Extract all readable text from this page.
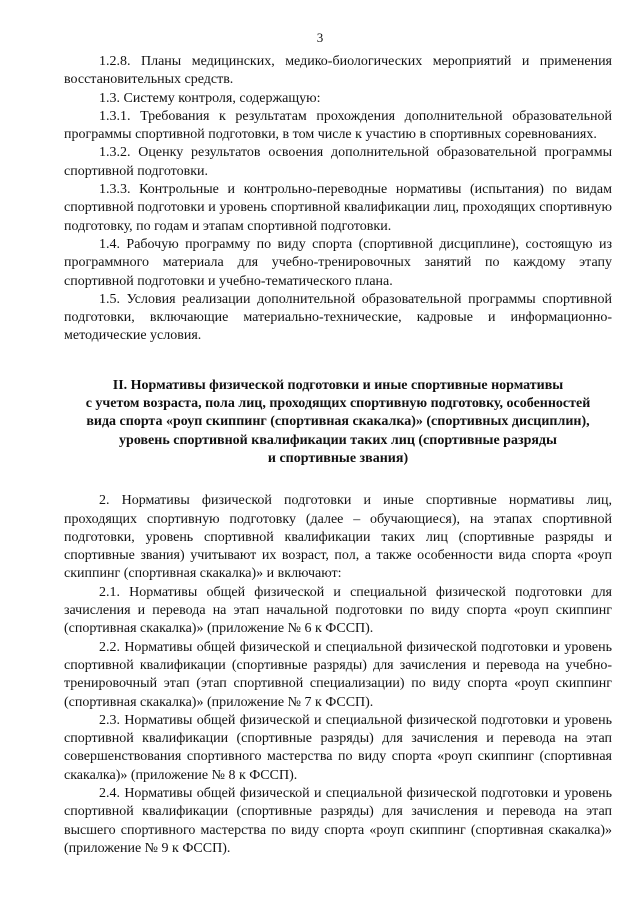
3

1.2.8. Планы медицинских, медико-биологических мероприятий и применения восстановительных средств.

1.3. Систему контроля, содержащую:

1.3.1. Требования к результатам прохождения дополнительной образовательной программы спортивной подготовки, в том числе к участию в спортивных соревнованиях.

1.3.2. Оценку результатов освоения дополнительной образовательной программы спортивной подготовки.

1.3.3. Контрольные и контрольно-переводные нормативы (испытания) по видам спортивной подготовки и уровень спортивной квалификации лиц, проходящих спортивную подготовку, по годам и этапам спортивной подготовки.

1.4. Рабочую программу по виду спорта (спортивной дисциплине), состоящую из программного материала для учебно-тренировочных занятий по каждому этапу спортивной подготовки и учебно-тематического плана.

1.5. Условия реализации дополнительной образовательной программы спортивной подготовки, включающие материально-технические, кадровые и информационно-методические условия.

II. Нормативы физической подготовки и иные спортивные нормативы
с учетом возраста, пола лиц, проходящих спортивную подготовку, особенностей
вида спорта «роуп скиппинг (спортивная скакалка)» (спортивных дисциплин),
уровень спортивной квалификации таких лиц (спортивные разряды
и спортивные звания)

2. Нормативы физической подготовки и иные спортивные нормативы лиц, проходящих спортивную подготовку (далее – обучающиеся), на этапах спортивной подготовки, уровень спортивной квалификации таких лиц (спортивные разряды и спортивные звания) учитывают их возраст, пол, а также особенности вида спорта «роуп скиппинг (спортивная скакалка)» и включают:

2.1. Нормативы общей физической и специальной физической подготовки для зачисления и перевода на этап начальной подготовки по виду спорта «роуп скиппинг (спортивная скакалка)» (приложение № 6 к ФССП).

2.2. Нормативы общей физической и специальной физической подготовки и уровень спортивной квалификации (спортивные разряды) для зачисления и перевода на учебно-тренировочный этап (этап спортивной специализации) по виду спорта «роуп скиппинг (спортивная скакалка)» (приложение № 7 к ФССП).

2.3. Нормативы общей физической и специальной физической подготовки и уровень спортивной квалификации (спортивные разряды) для зачисления и перевода на этап совершенствования спортивного мастерства по виду спорта «роуп скиппинг (спортивная скакалка)» (приложение № 8 к ФССП).

2.4. Нормативы общей физической и специальной физической подготовки и уровень спортивной квалификации (спортивные разряды) для зачисления и перевода на этап высшего спортивного мастерства по виду спорта «роуп скиппинг (спортивная скакалка)» (приложение № 9 к ФССП).
